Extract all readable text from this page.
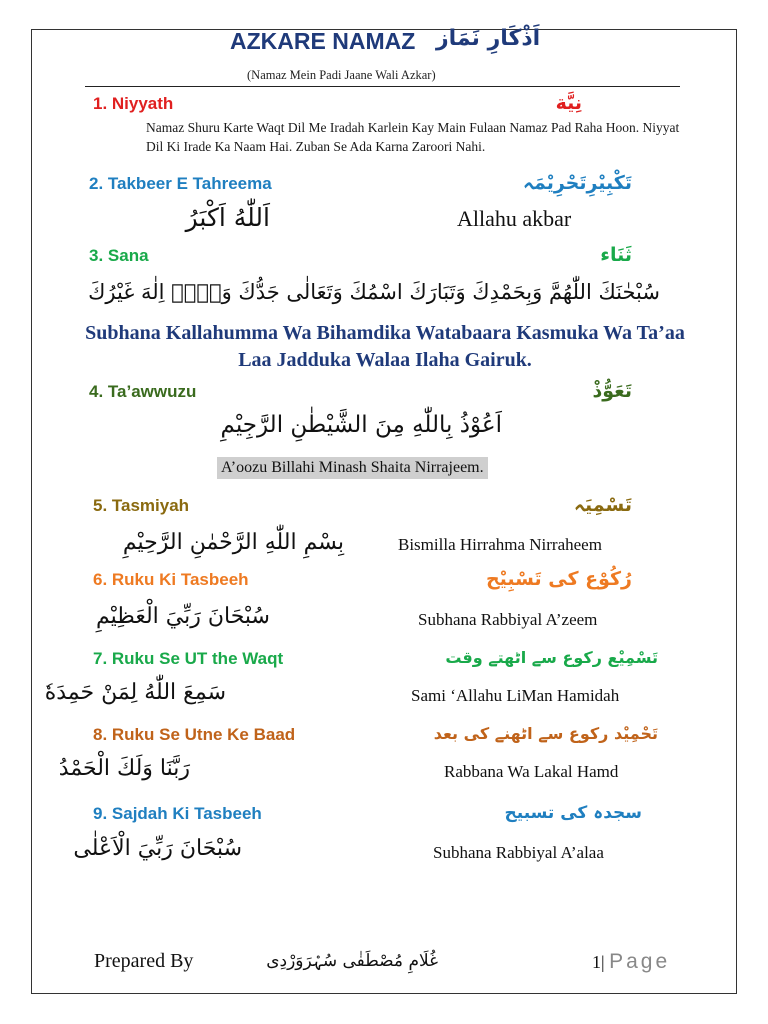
AZKARE NAMAZ اَذْکَارِ نَمَاز
(Namaz Mein Padi Jaane Wali Azkar)
1. Niyyath	نِیَّة
Namaz Shuru Karte Waqt Dil Me Iradah Karlein Kay Main Fulaan Namaz Pad Raha Hoon. Niyyat Dil Ki Irade Ka Naam Hai. Zuban Se Ada Karna Zaroori Nahi.
2. Takbeer E Tahreema	تَکْبِیْرِتَحْرِیْمَہ
اَللّٰهُ اَکْبَرُ	Allahu akbar
3. Sana	ثَنَاء
سُبْحٰنَكَ اللّٰهُمَّ وَبِحَمْدِكَ وَتَبَارَكَ اسْمُكَ وَتَعَالٰى جَدُّكَ وَلَاۤ اِلٰهَ غَيْرُكَ
Subhana Kallahumma Wa Bihamdika Watabaara Kasmuka Wa Ta’aa Laa Jadduka Walaa Ilaha Gairuk.
4. Ta’awwuzu	تَعَوُّذْ
اَعُوْذُ بِاللّٰهِ مِنَ الشَّيْطٰنِ الرَّجِيْمِ
A’oozu Billahi Minash Shaita Nirrajeem.
5. Tasmiyah	تَسْمِیَہ
بِسْمِ اللّٰهِ الرَّحْمٰنِ الرَّحِيْمِ	Bismilla Hirrahma Nirraheem
6. Ruku Ki Tasbeeh	رُکُوْع کی تَسْبِیْح
سُبْحَانَ رَبِّيَ الْعَظِيْمِ	Subhana Rabbiyal A’zeem
7. Ruku Se UT the Waqt	تَسْمِیْع رکوع سے اٹھتے وقت
سَمِعَ اللّٰهُ لِمَنْ حَمِدَهٗ	Sami ‘Allahu LiMan Hamidah
8. Ruku Se Utne Ke Baad	تَحْمِیْد رکوع سے اٹھنے کی بعد
رَبَّنَا وَلَكَ الْحَمْدُ	Rabbana Wa Lakal Hamd
9. Sajdah Ki Tasbeeh	سجدہ کی تسبیح
سُبْحَانَ رَبِّيَ الْاَعْلٰى	Subhana Rabbiyal A’alaa
Prepared By	غُلَامِ مُصْطَفٰی سُہْرَوَرْدِی	1| Page
